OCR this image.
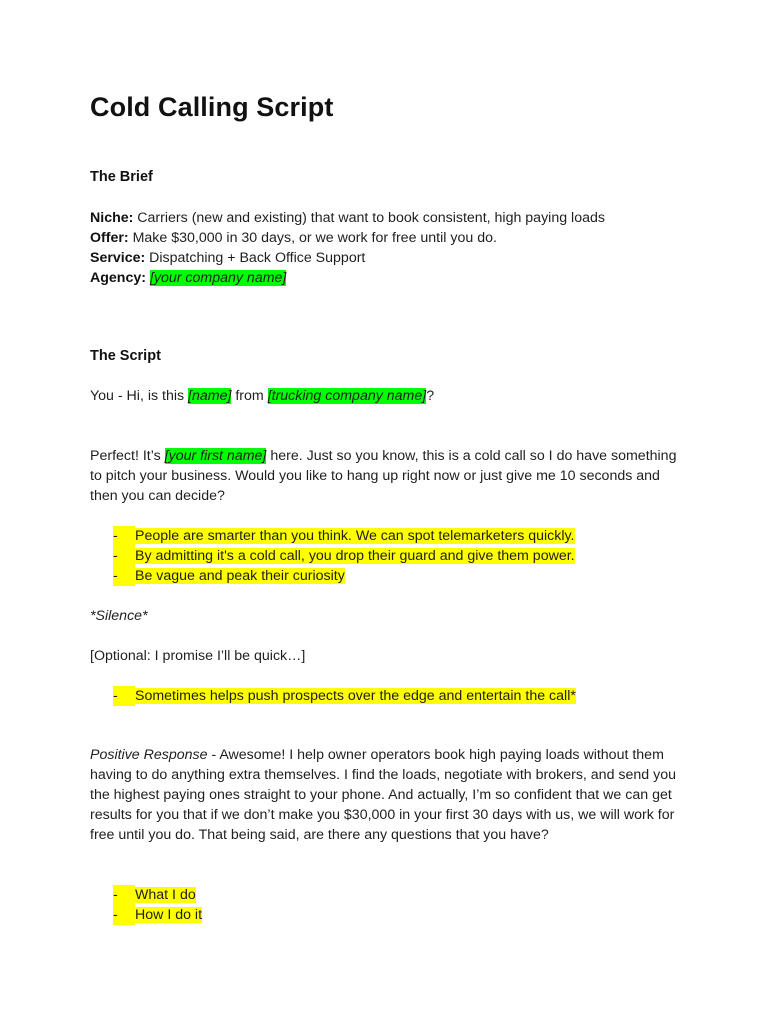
Cold Calling Script

The Brief

Niche: Carriers (new and existing) that want to book consistent, high paying loads
Offer: Make $30,000 in 30 days, or we work for free until you do.
Service: Dispatching + Back Office Support
Agency: [your company name]

The Script

You - Hi, is this [name] from [trucking company name]?

Perfect! It’s [your first name] here. Just so you know, this is a cold call so I do have something to pitch your business. Would you like to hang up right now or just give me 10 seconds and then you can decide?

- People are smarter than you think. We can spot telemarketers quickly.
- By admitting it's a cold call, you drop their guard and give them power.
- Be vague and peak their curiosity

*Silence*

[Optional: I promise I’ll be quick…]

- Sometimes helps push prospects over the edge and entertain the call*

Positive Response - Awesome! I help owner operators book high paying loads without them having to do anything extra themselves. I find the loads, negotiate with brokers, and send you the highest paying ones straight to your phone. And actually, I’m so confident that we can get results for you that if we don’t make you $30,000 in your first 30 days with us, we will work for free until you do. That being said, are there any questions that you have?

- What I do
- How I do it
